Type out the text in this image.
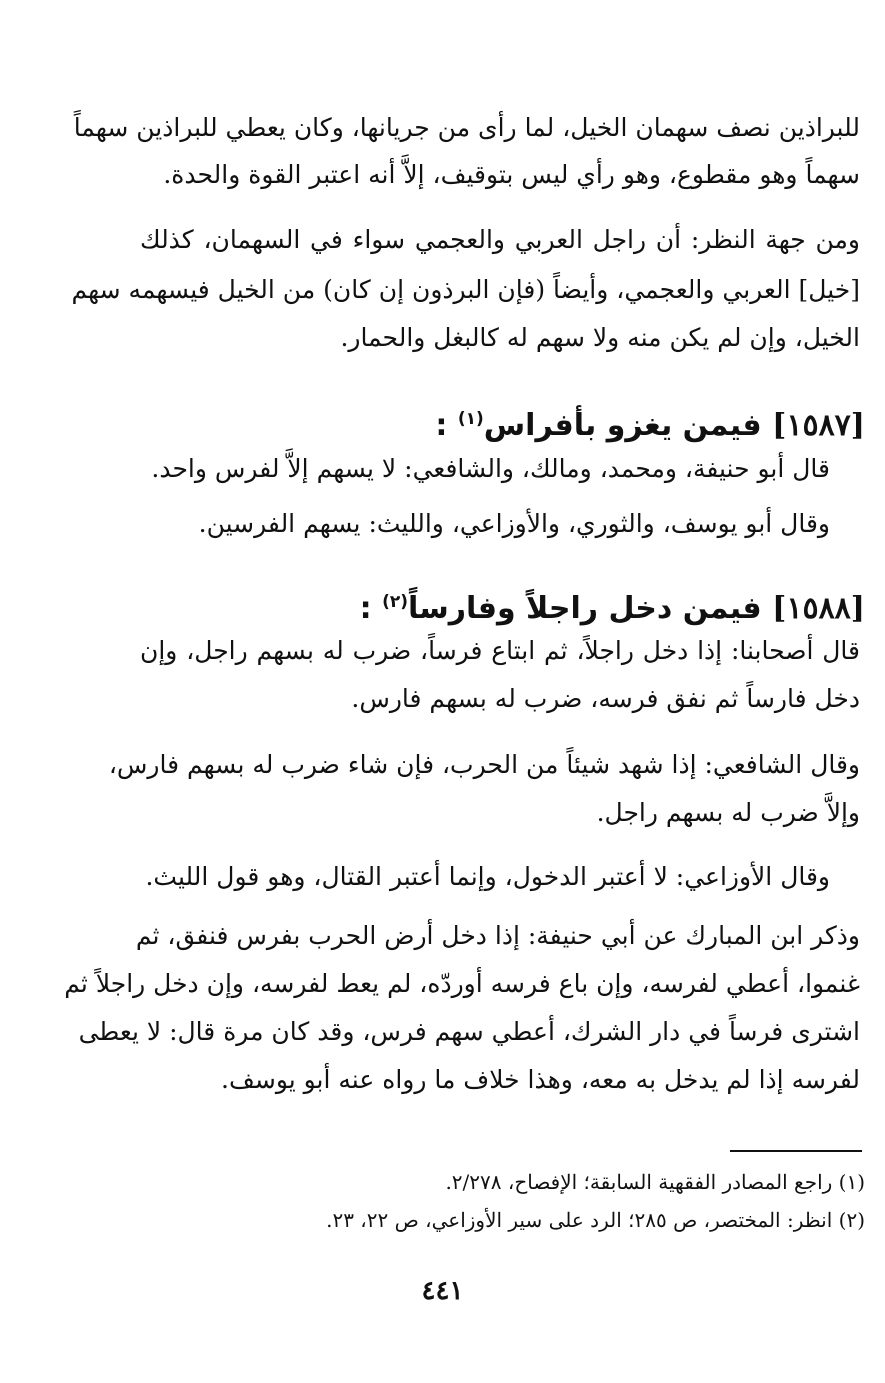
للبراذين نصف سهمان الخيل، لما رأى من جريانها، وكان يعطي للبراذين سهماً
سهماً وهو مقطوع، وهو رأي ليس بتوقيف، إلاَّ أنه اعتبر القوة والحدة.
ومن جهة النظر: أن راجل العربي والعجمي سواء في السهمان، كذلك
[خيل] العربي والعجمي، وأيضاً (فإن البرذون إن كان) من الخيل فيسهمه سهم
الخيل، وإن لم يكن منه ولا سهم له كالبغل والحمار.
[١٥٨٧] فيمن يغزو بأفراس$^{(١)}$ :
قال أبو حنيفة، ومحمد، ومالك، والشافعي: لا يسهم إلاَّ لفرس واحد.
وقال أبو يوسف، والثوري، والأوزاعي، والليث: يسهم الفرسين.
[١٥٨٨] فيمن دخل راجلاً وفارساً$^{(٢)}$ :
قال أصحابنا: إذا دخل راجلاً، ثم ابتاع فرساً، ضرب له بسهم راجل، وإن
دخل فارساً ثم نفق فرسه، ضرب له بسهم فارس.
وقال الشافعي: إذا شهد شيئاً من الحرب، فإن شاء ضرب له بسهم فارس،
وإلاَّ ضرب له بسهم راجل.
وقال الأوزاعي: لا أعتبر الدخول، وإنما أعتبر القتال، وهو قول الليث.
وذكر ابن المبارك عن أبي حنيفة: إذا دخل أرض الحرب بفرس فنفق، ثم
غنموا، أعطي لفرسه، وإن باع فرسه أوردّه، لم يعط لفرسه، وإن دخل راجلاً ثم
اشترى فرساً في دار الشرك، أعطي سهم فرس، وقد كان مرة قال: لا يعطى
لفرسه إذا لم يدخل به معه، وهذا خلاف ما رواه عنه أبو يوسف.
(١) راجع المصادر الفقهية السابقة؛ الإفصاح، ٢/٢٧٨.
(٢) انظر: المختصر، ص ٢٨٥؛ الرد على سير الأوزاعي، ص ٢٢، ٢٣.
٤٤١
